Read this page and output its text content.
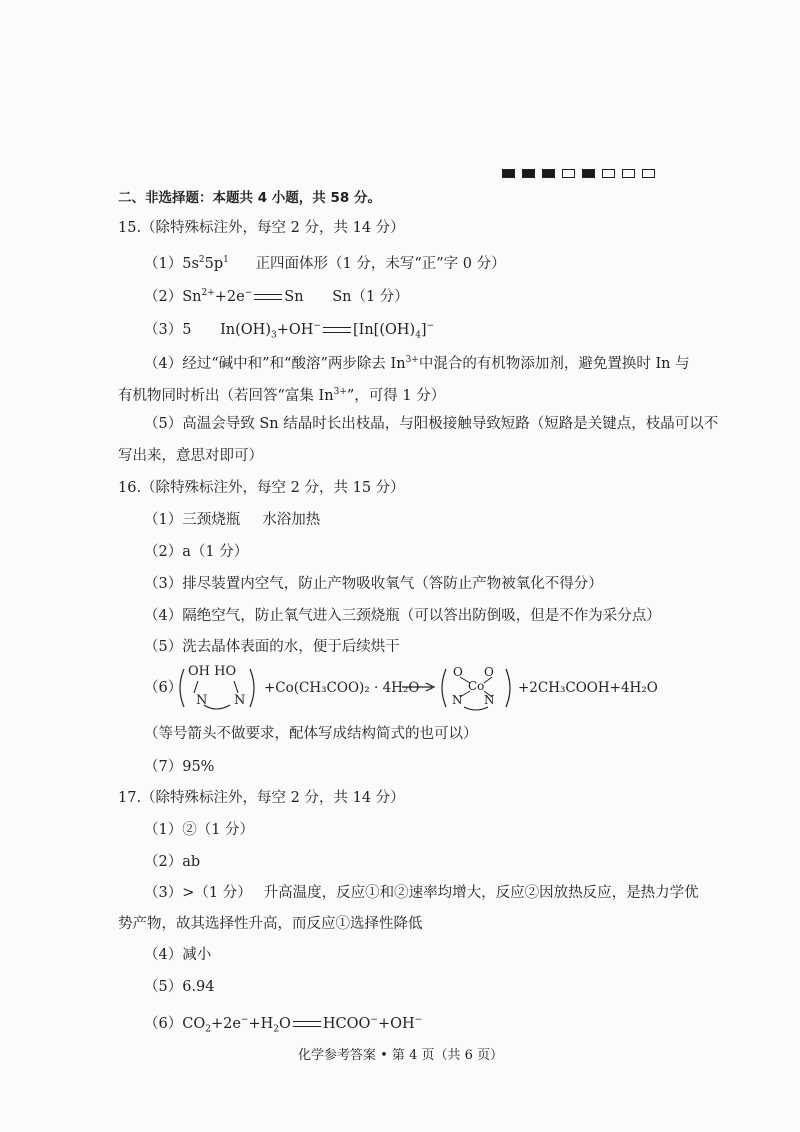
二、非选择题：本题共 4 小题，共 58 分。
15.（除特殊标注外，每空 2 分，共 14 分）
$(1)5s^25p^1$ 正四面体形（1 分，未写“正”字 0 分）
$(2)Sn^{2+}+2e^-$ Sn Sn（1 分）
（3）5 $In(OH)_3+OH^-$ [$In[(OH)_4]^-$
（4）经过“碱中和”和“酸溶”两步除去 $In^{3+}$中混合的有机物添加剂，避免置换时 In 与
有机物同时析出（若回答“富集 $In^{3+}$”，可得 1 分）
（5）高温会导致 Sn 结晶时长出枝晶，与阳极接触导致短路（短路是关键点，枝晶可以不
写出来，意思对即可）
16.（除特殊标注外，每空 2 分，共 15 分）
（1）三颈烧瓶 水浴加热
（2）a（1 分）
（3）排尽装置内空气，防止产物吸收氧气（答防止产物被氧化不得分）
（4）隔绝空气，防止氧气进入三颈烧瓶（可以答出防倒吸，但是不作为采分点）
（5）洗去晶体表面的水，便于后续烘干
（6）
OH HO
N N
+Co(CH₃COO)₂ · 4H₂O
O O
Co
N N
+2CH₃COOH+4H₂O
（等号箭头不做要求，配体写成结构简式的也可以）
（7）95%
17.（除特殊标注外，每空 2 分，共 14 分）
（1）②（1 分）
（2）ab
（3）>（1 分）　 升高温度，反应①和②速率均增大，反应②因放热反应，是热力学优
势产物，故其选择性升高，而反应①选择性降低
（4）减小
（5）6.94
$(6)CO_2+2e^-+H_2O$ HCOO−+OH−
化学参考答案 • 第 4 页（共 6 页）
